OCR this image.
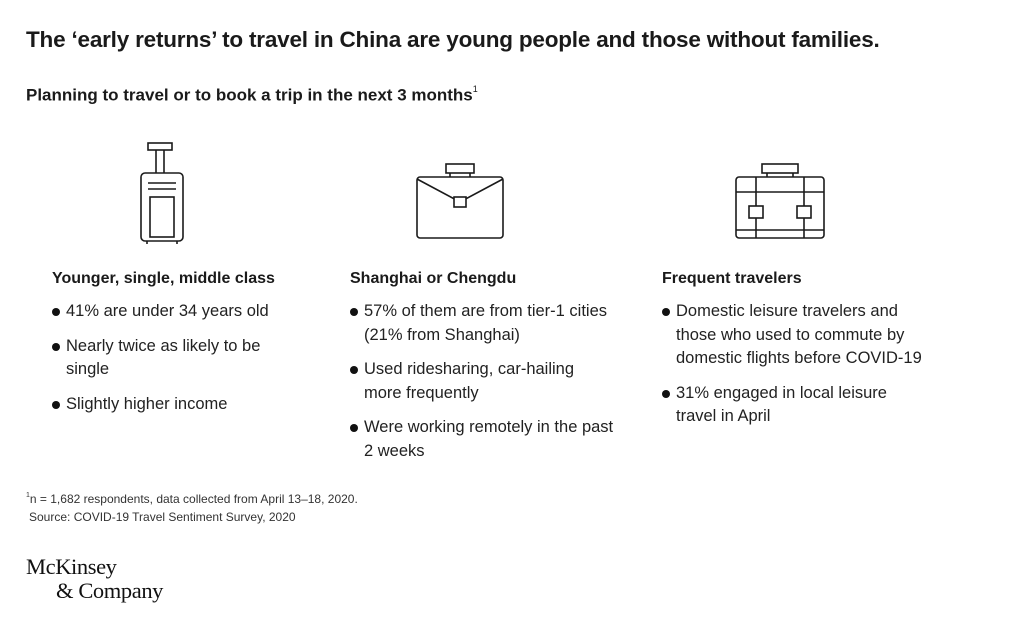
The ‘early returns’ to travel in China are young people and those without families.
Planning to travel or to book a trip in the next 3 months$^1$
Younger, single, middle class
41% are under 34 years old
Nearly twice as likely to be single
Slightly higher income
Shanghai or Chengdu
57% of them are from tier-1 cities (21% from Shanghai)
Used ridesharing, car-hailing more frequently
Were working remotely in the past 2 weeks
Frequent travelers
Domestic leisure travelers and those who used to commute by domestic flights before COVID-19
31% engaged in local leisure travel in April
$^1$n = 1,682 respondents, data collected from April 13–18, 2020.
Source: COVID-19 Travel Sentiment Survey, 2020
McKinsey
& Company
